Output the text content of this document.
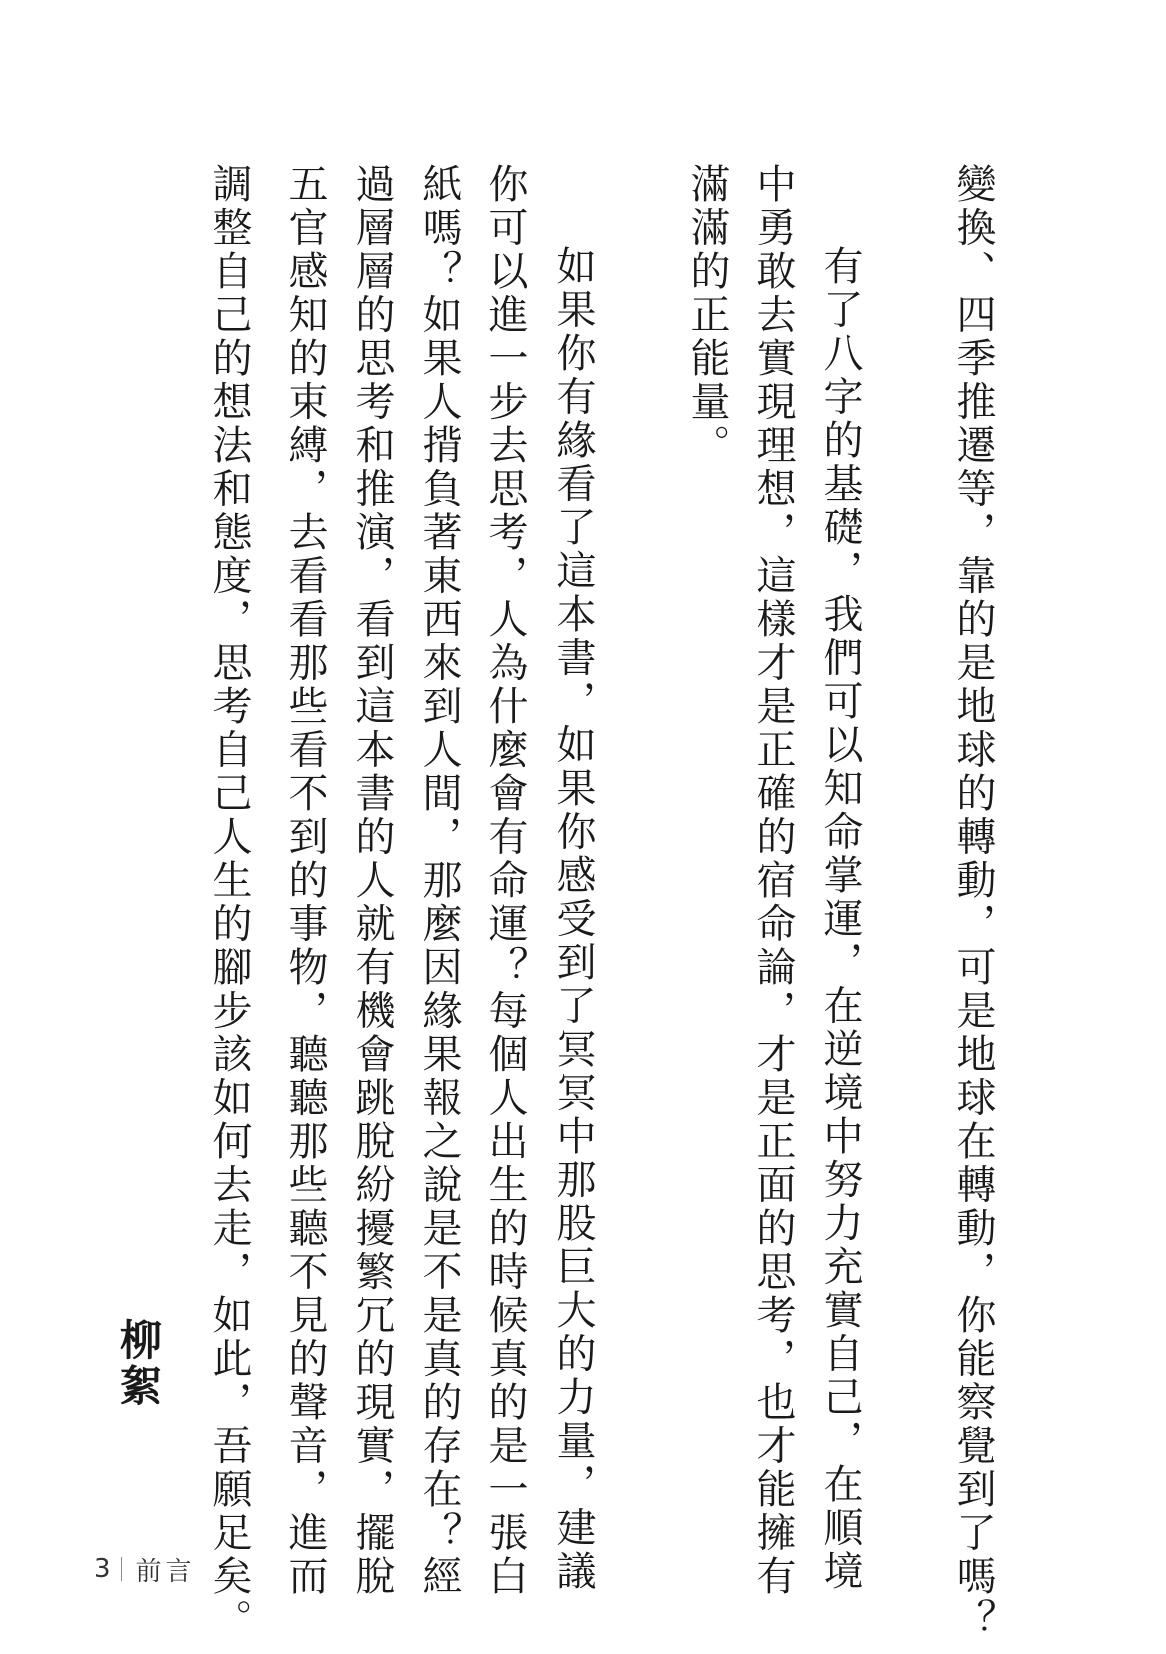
變換、四季推遷等，靠的是地球的轉動，可是地球在轉動，你能察覺到了嗎？
有了八字的基礎，我們可以知命掌運，在逆境中努力充實自己，在順境
中勇敢去實現理想，這樣才是正確的宿命論，才是正面的思考，也才能擁有
滿滿的正能量。
如果你有緣看了這本書，如果你感受到了冥冥中那股巨大的力量，建議
你可以進一步去思考，人為什麼會有命運？每個人出生的時候真的是一張白
紙嗎？如果人揹負著東西來到人間，那麼因緣果報之說是不是真的存在？經
過層層的思考和推演，看到這本書的人就有機會跳脫紛擾繁冗的現實，擺脫
五官感知的束縛，去看看那些看不到的事物，聽聽那些聽不見的聲音，進而
調整自己的想法和態度，思考自己人生的腳步該如何去走，如此，吾願足矣。
柳絮
3 前言
